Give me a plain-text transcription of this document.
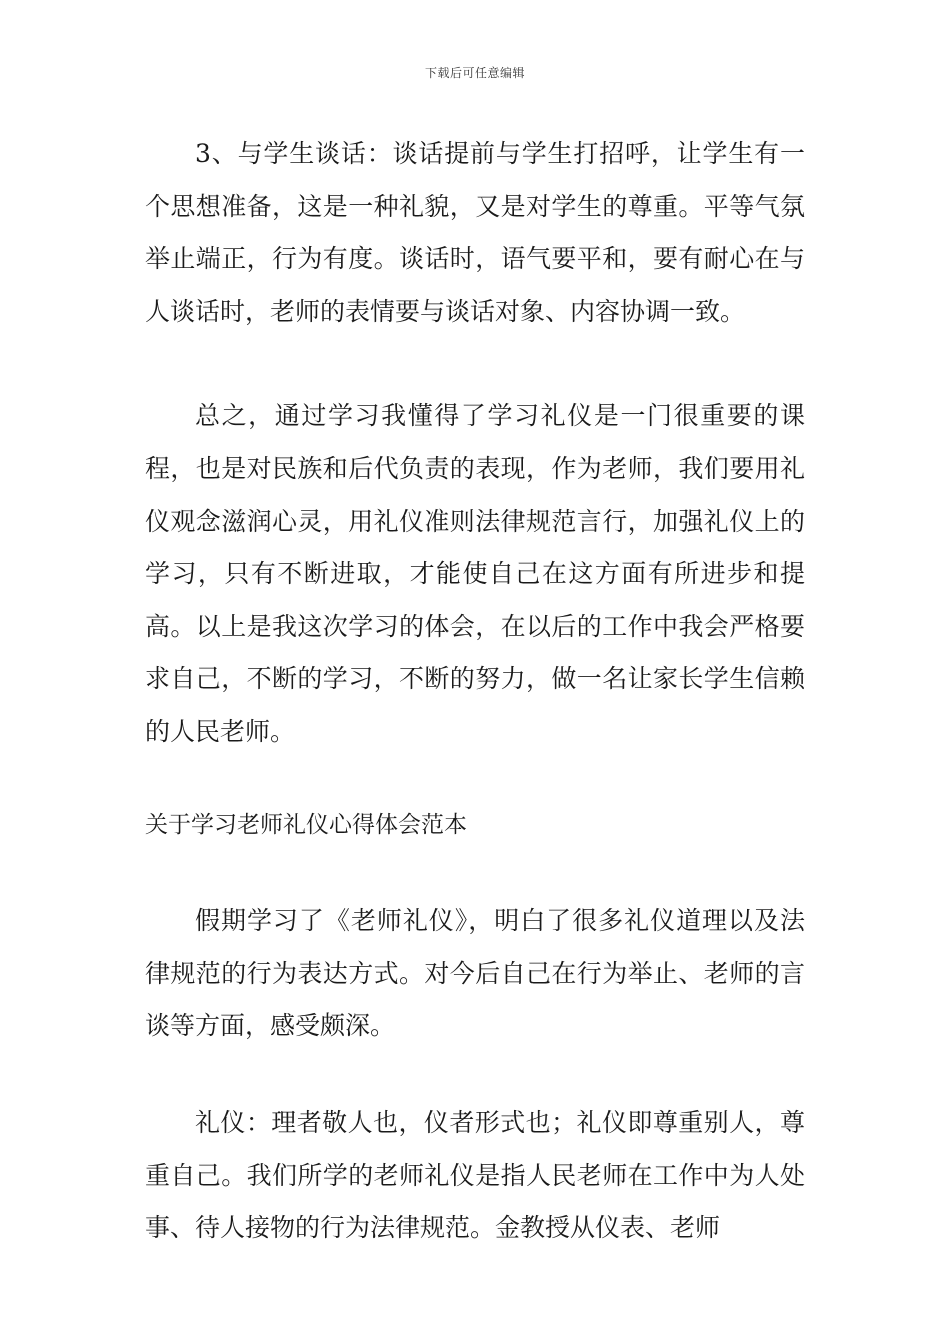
下载后可任意编辑

3、与学生谈话：谈话提前与学生打招呼，让学生有一个思想准备，这是一种礼貌，又是对学生的尊重。平等气氛举止端正，行为有度。谈话时，语气要平和，要有耐心在与人谈话时，老师的表情要与谈话对象、内容协调一致。

总之，通过学习我懂得了学习礼仪是一门很重要的课程，也是对民族和后代负责的表现，作为老师，我们要用礼仪观念滋润心灵，用礼仪准则法律规范言行，加强礼仪上的学习，只有不断进取，才能使自己在这方面有所进步和提高。以上是我这次学习的体会，在以后的工作中我会严格要求自己，不断的学习，不断的努力，做一名让家长学生信赖的人民老师。

关于学习老师礼仪心得体会范本

假期学习了《老师礼仪》，明白了很多礼仪道理以及法律规范的行为表达方式。对今后自己在行为举止、老师的言谈等方面，感受颇深。

礼仪：理者敬人也，仪者形式也；礼仪即尊重别人，尊重自己。我们所学的老师礼仪是指人民老师在工作中为人处事、待人接物的行为法律规范。金教授从仪表、老师
